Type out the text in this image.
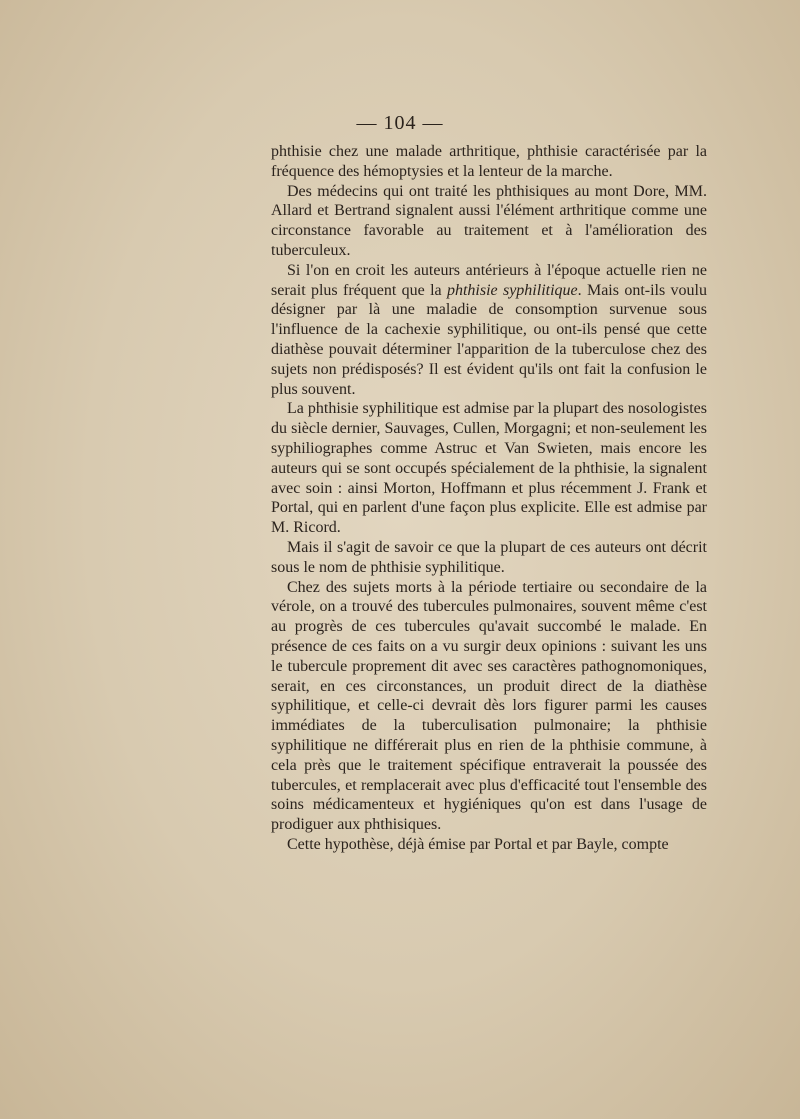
— 104 —

phthisie chez une malade arthritique, phthisie caractérisée par la fréquence des hémoptysies et la lenteur de la marche.

Des médecins qui ont traité les phthisiques au mont Dore, MM. Allard et Bertrand signalent aussi l'élément arthritique comme une circonstance favorable au traitement et à l'amélioration des tuberculeux.

Si l'on en croit les auteurs antérieurs à l'époque actuelle rien ne serait plus fréquent que la phthisie syphilitique. Mais ont-ils voulu désigner par là une maladie de consomption survenue sous l'influence de la cachexie syphilitique, ou ont-ils pensé que cette diathèse pouvait déterminer l'apparition de la tuberculose chez des sujets non prédisposés? Il est évident qu'ils ont fait la confusion le plus souvent.

La phthisie syphilitique est admise par la plupart des nosologistes du siècle dernier, Sauvages, Cullen, Morgagni; et non-seulement les syphiliographes comme Astruc et Van Swieten, mais encore les auteurs qui se sont occupés spécialement de la phthisie, la signalent avec soin : ainsi Morton, Hoffmann et plus récemment J. Frank et Portal, qui en parlent d'une façon plus explicite. Elle est admise par M. Ricord.

Mais il s'agit de savoir ce que la plupart de ces auteurs ont décrit sous le nom de phthisie syphilitique.

Chez des sujets morts à la période tertiaire ou secondaire de la vérole, on a trouvé des tubercules pulmonaires, souvent même c'est au progrès de ces tubercules qu'avait succombé le malade. En présence de ces faits on a vu surgir deux opinions : suivant les uns le tubercule proprement dit avec ses caractères pathognomoniques, serait, en ces circonstances, un produit direct de la diathèse syphilitique, et celle-ci devrait dès lors figurer parmi les causes immédiates de la tuberculisation pulmonaire; la phthisie syphilitique ne différerait plus en rien de la phthisie commune, à cela près que le traitement spécifique entraverait la poussée des tubercules, et remplacerait avec plus d'efficacité tout l'ensemble des soins médicamenteux et hygiéniques qu'on est dans l'usage de prodiguer aux phthisiques.

Cette hypothèse, déjà émise par Portal et par Bayle, compte
